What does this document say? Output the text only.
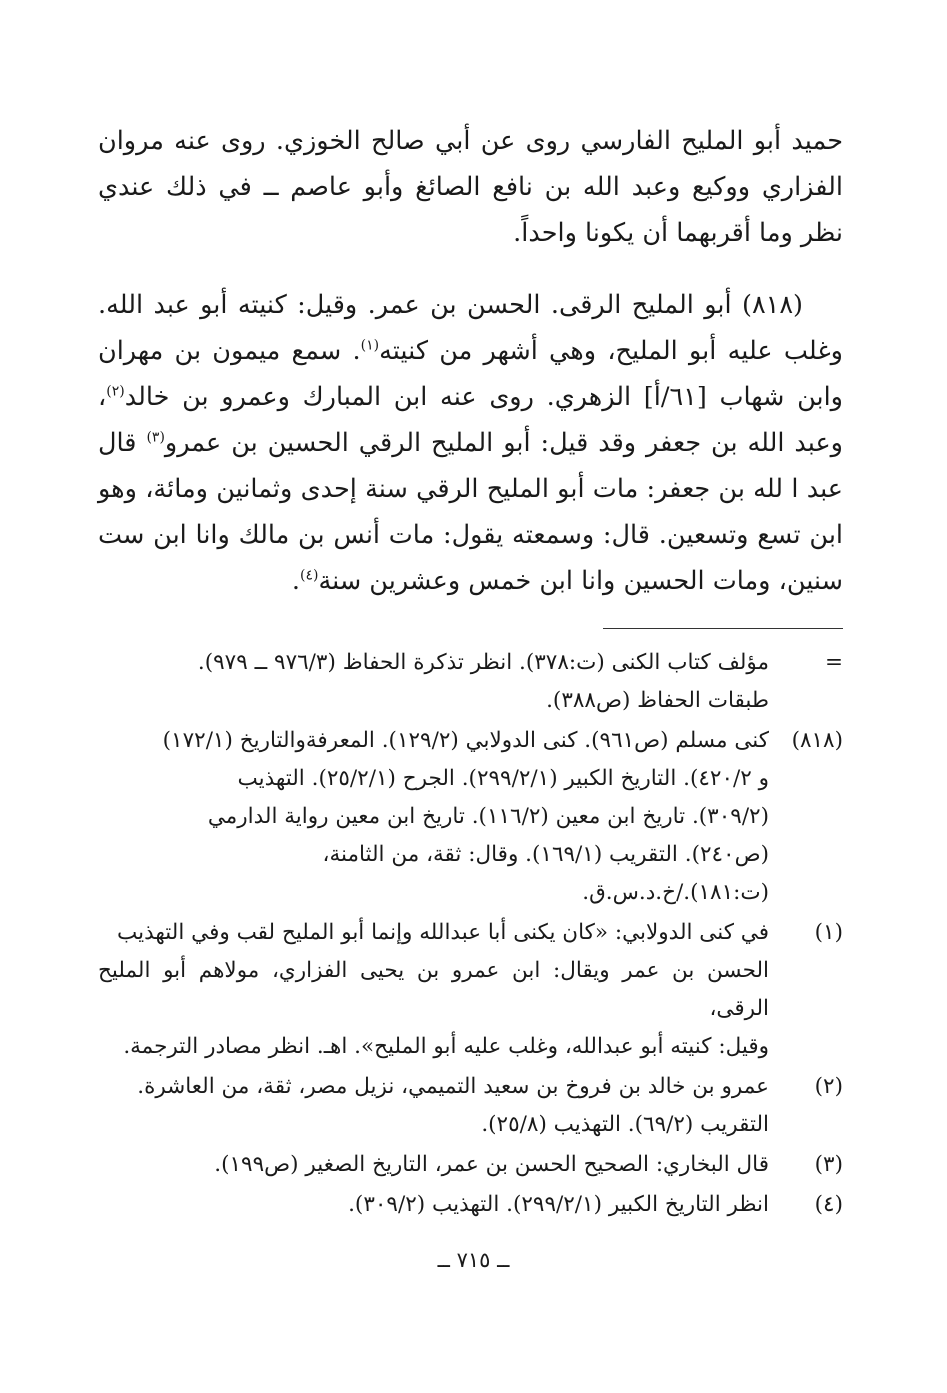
حميد أبو المليح الفارسي روى عن أبي صالح الخوزي. روى عنه مروان الفزاري ووكيع وعبد الله بن نافع الصائغ وأبو عاصم ــ في ذلك عندي نظر وما أقربهما أن يكونا واحداً.

(٨١٨) أبو المليح الرقى. الحسن بن عمر. وقيل: كنيته أبو عبد الله. وغلب عليه أبو المليح، وهي أشهر من كنيته$^{(١)}$. سمع ميمون بن مهران وابن شهاب [٦١/أ] الزهري. روى عنه ابن المبارك وعمرو بن خالد$^{(٢)}$، وعبد الله بن جعفر وقد قيل: أبو المليح الرقي الحسين بن عمرو$^{(٣)}$ قال عبد ا لله بن جعفر: مات أبو المليح الرقي سنة إحدى وثمانين ومائة، وهو ابن تسع وتسعين. قال: وسمعته يقول: مات أنس بن مالك وانا ابن ست سنين، ومات الحسين وانا ابن خمس وعشرين سنة$^{(٤)}$.

=
مؤلف كتاب الكنى (ت:٣٧٨). انظر تذكرة الحفاظ (٩٧٦/٣ ــ ٩٧٩).
طبقات الحفاظ (ص٣٨٨).
(٨١٨)
كنى مسلم (ص٩٦١). كنى الدولابي (١٢٩/٢). المعرفةوالتاريخ (١٧٢/١)
و ٤٢٠/٢). التاريخ الكبير (٢٩٩/٢/١). الجرح (٢٥/٢/١). التهذيب
(٣٠٩/٢). تاريخ ابن معين (١١٦/٢). تاريخ ابن معين رواية الدارمي
(ص٢٤٠). التقريب (١٦٩/١). وقال: ثقة، من الثامنة،
(ت:١٨١)./خ.د.س.ق.
(١)
في كنى الدولابي: «كان يكنى أبا عبدالله وإنما أبو المليح لقب وفي التهذيب
الحسن بن عمر ويقال: ابن عمرو بن يحيى الفزاري، مولاهم أبو المليح الرقى،
وقيل: كنيته أبو عبدالله، وغلب عليه أبو المليح». اهـ. انظر مصادر الترجمة.
(٢)
عمرو بن خالد بن فروخ بن سعيد التميمي، نزيل مصر، ثقة، من العاشرة.
التقريب (٦٩/٢). التهذيب (٢٥/٨).
(٣)
قال البخاري: الصحيح الحسن بن عمر، التاريخ الصغير (ص١٩٩).
(٤)
انظر التاريخ الكبير (٢٩٩/٢/١). التهذيب (٣٠٩/٢).
ــ ٧١٥ ــ
